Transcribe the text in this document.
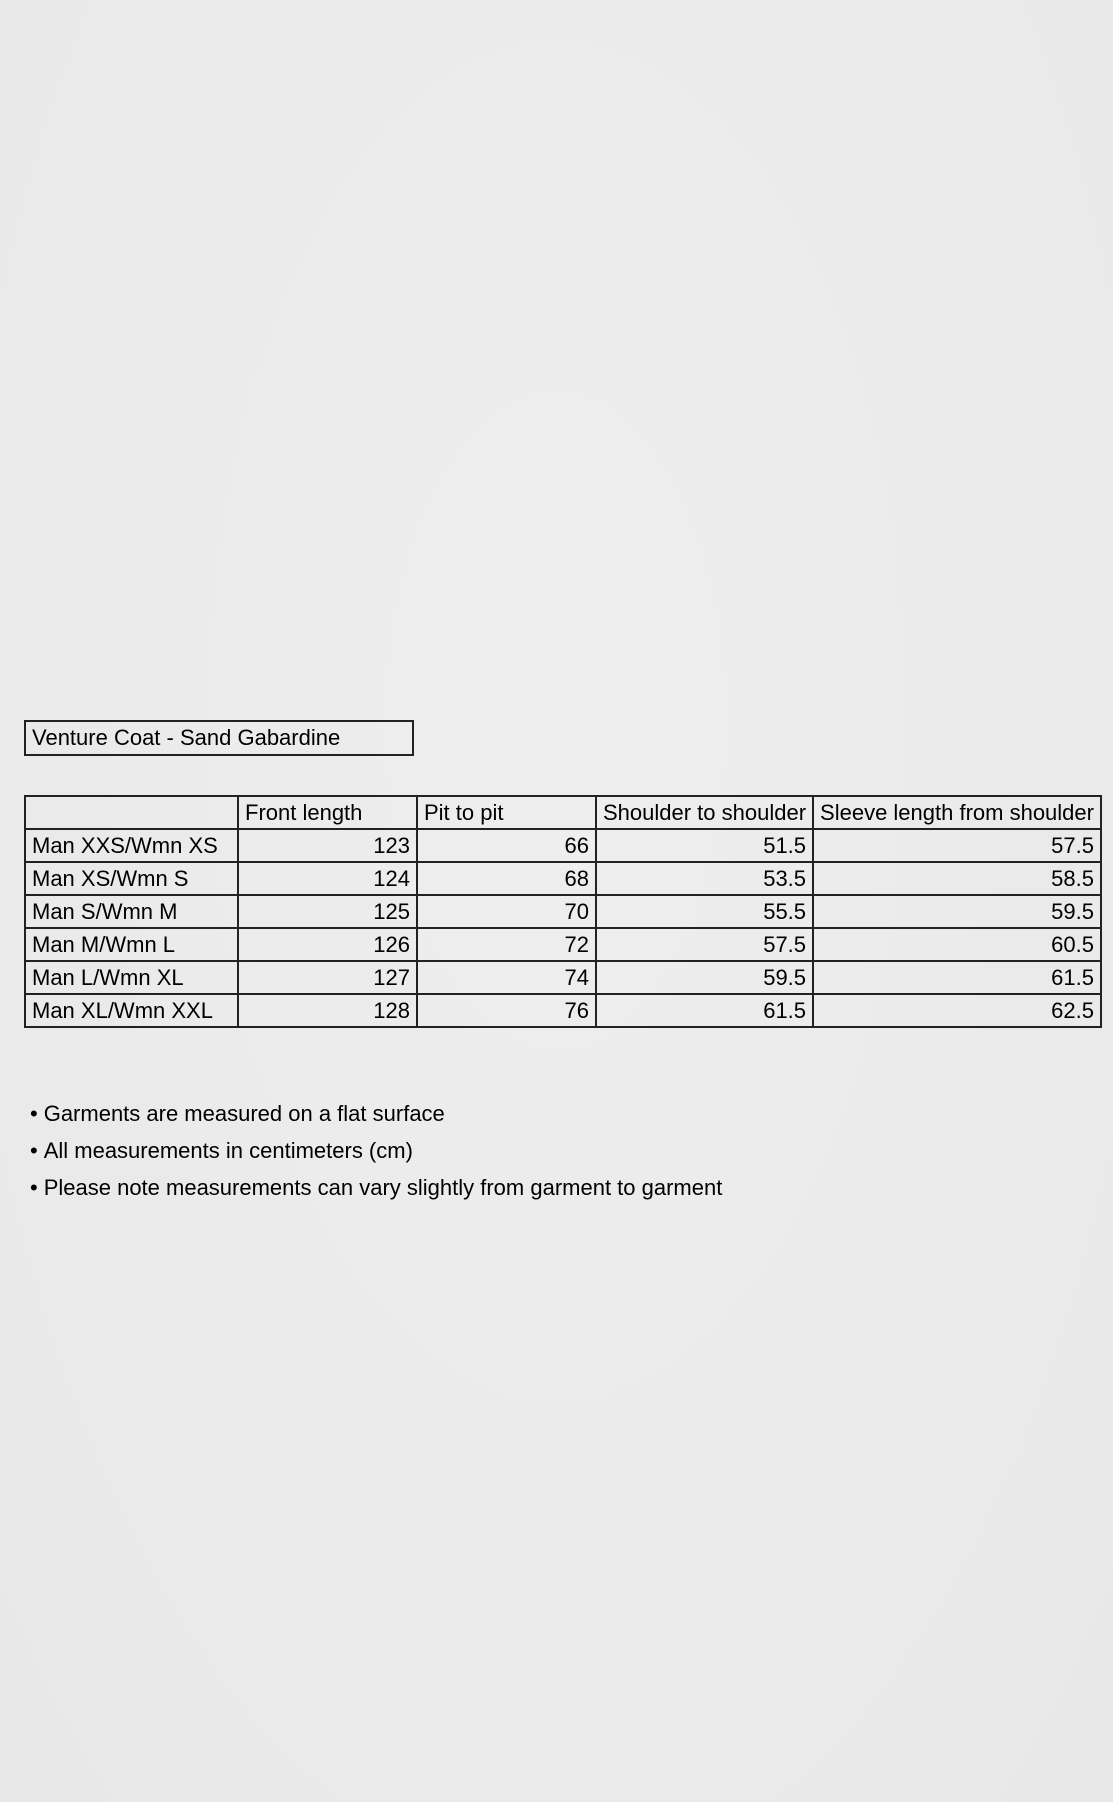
Venture Coat - Sand Gabardine
	Front length	Pit to pit	Shoulder to shoulder	Sleeve length from shoulder
Man XXS/Wmn XS	123	66	51.5	57.5
Man XS/Wmn S	124	68	53.5	58.5
Man S/Wmn M	125	70	55.5	59.5
Man M/Wmn L	126	72	57.5	60.5
Man L/Wmn XL	127	74	59.5	61.5
Man XL/Wmn XXL	128	76	61.5	62.5
• Garments are measured on a flat surface
• All measurements in centimeters (cm)
• Please note measurements can vary slightly from garment to garment
